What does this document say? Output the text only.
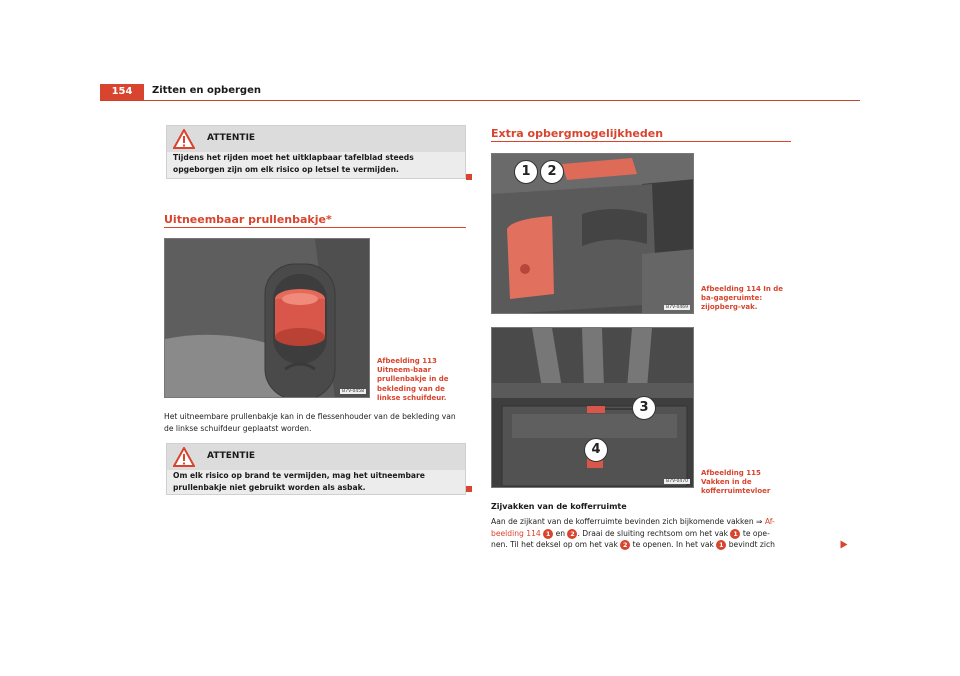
154	Zitten en opbergen
ATTENTIE
Tijdens het rijden moet het uitklapbaar tafelblad steeds opgeborgen zijn om elk risico op letsel te vermijden.
Uitneembaar prullenbakje*
B7V-0458
Afbeelding 113 Uitneem-baar prullenbakje in de bekleding van de linkse schuifdeur.
Het uitneembare prullenbakje kan in de flessenhouder van de bekleding van de linkse schuifdeur geplaatst worden.
ATTENTIE
Om elk risico op brand te vermijden, mag het uitneembare prullenbakje niet gebruikt worden als asbak.
Extra opbergmogelijkheden
1	2
B7V-0469
Afbeelding 114 In de ba-gageruimte: zijopberg-vak.
3
4
B7V-0470
Afbeelding 115 Vakken in de kofferruimtevloer
Zijvakken van de kofferruimte
Aan de zijkant van de kofferruimte bevinden zich bijkomende vakken ⇒ Af-
beelding 114 1 en 2 . Draai de sluiting rechtsom om het vak 1 te ope-
nen. Til het deksel op om het vak 2 te openen. In het vak 1 bevindt zich
